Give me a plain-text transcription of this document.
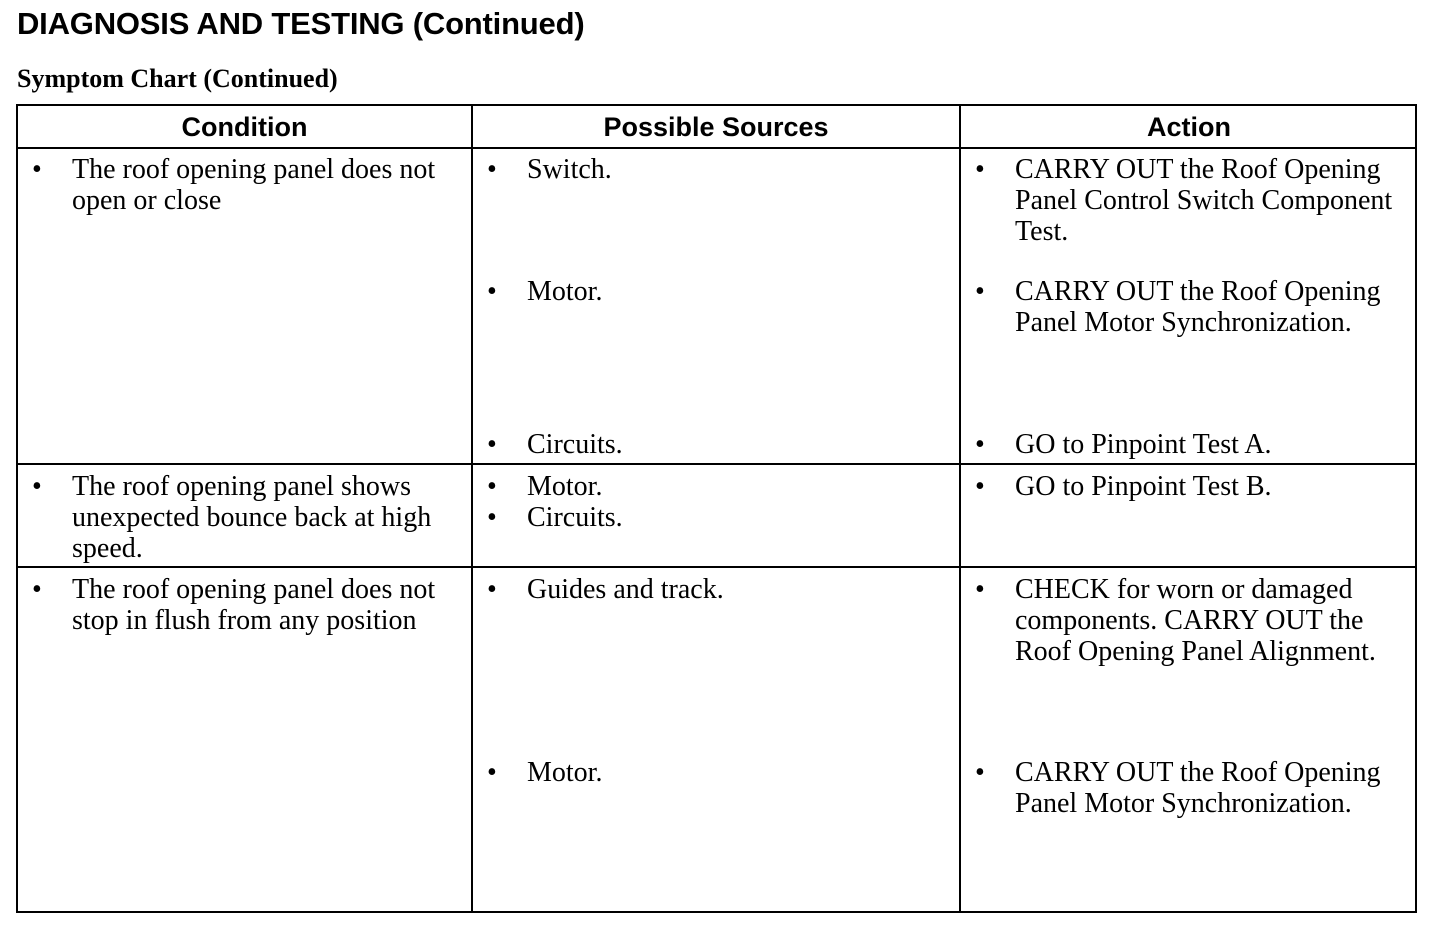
DIAGNOSIS AND TESTING (Continued)
Symptom Chart (Continued)
Condition	Possible Sources	Action
• The roof opening panel does not open or close
• Switch.
• Motor.
• Circuits.
• CARRY OUT the Roof Opening Panel Control Switch Component Test.
• CARRY OUT the Roof Opening Panel Motor Synchronization.
• GO to Pinpoint Test A.
• The roof opening panel shows unexpected bounce back at high speed.
• Motor.
• Circuits.
• GO to Pinpoint Test B.
• The roof opening panel does not stop in flush from any position
• Guides and track.
• Motor.
• CHECK for worn or damaged components. CARRY OUT the Roof Opening Panel Alignment.
• CARRY OUT the Roof Opening Panel Motor Synchronization.
